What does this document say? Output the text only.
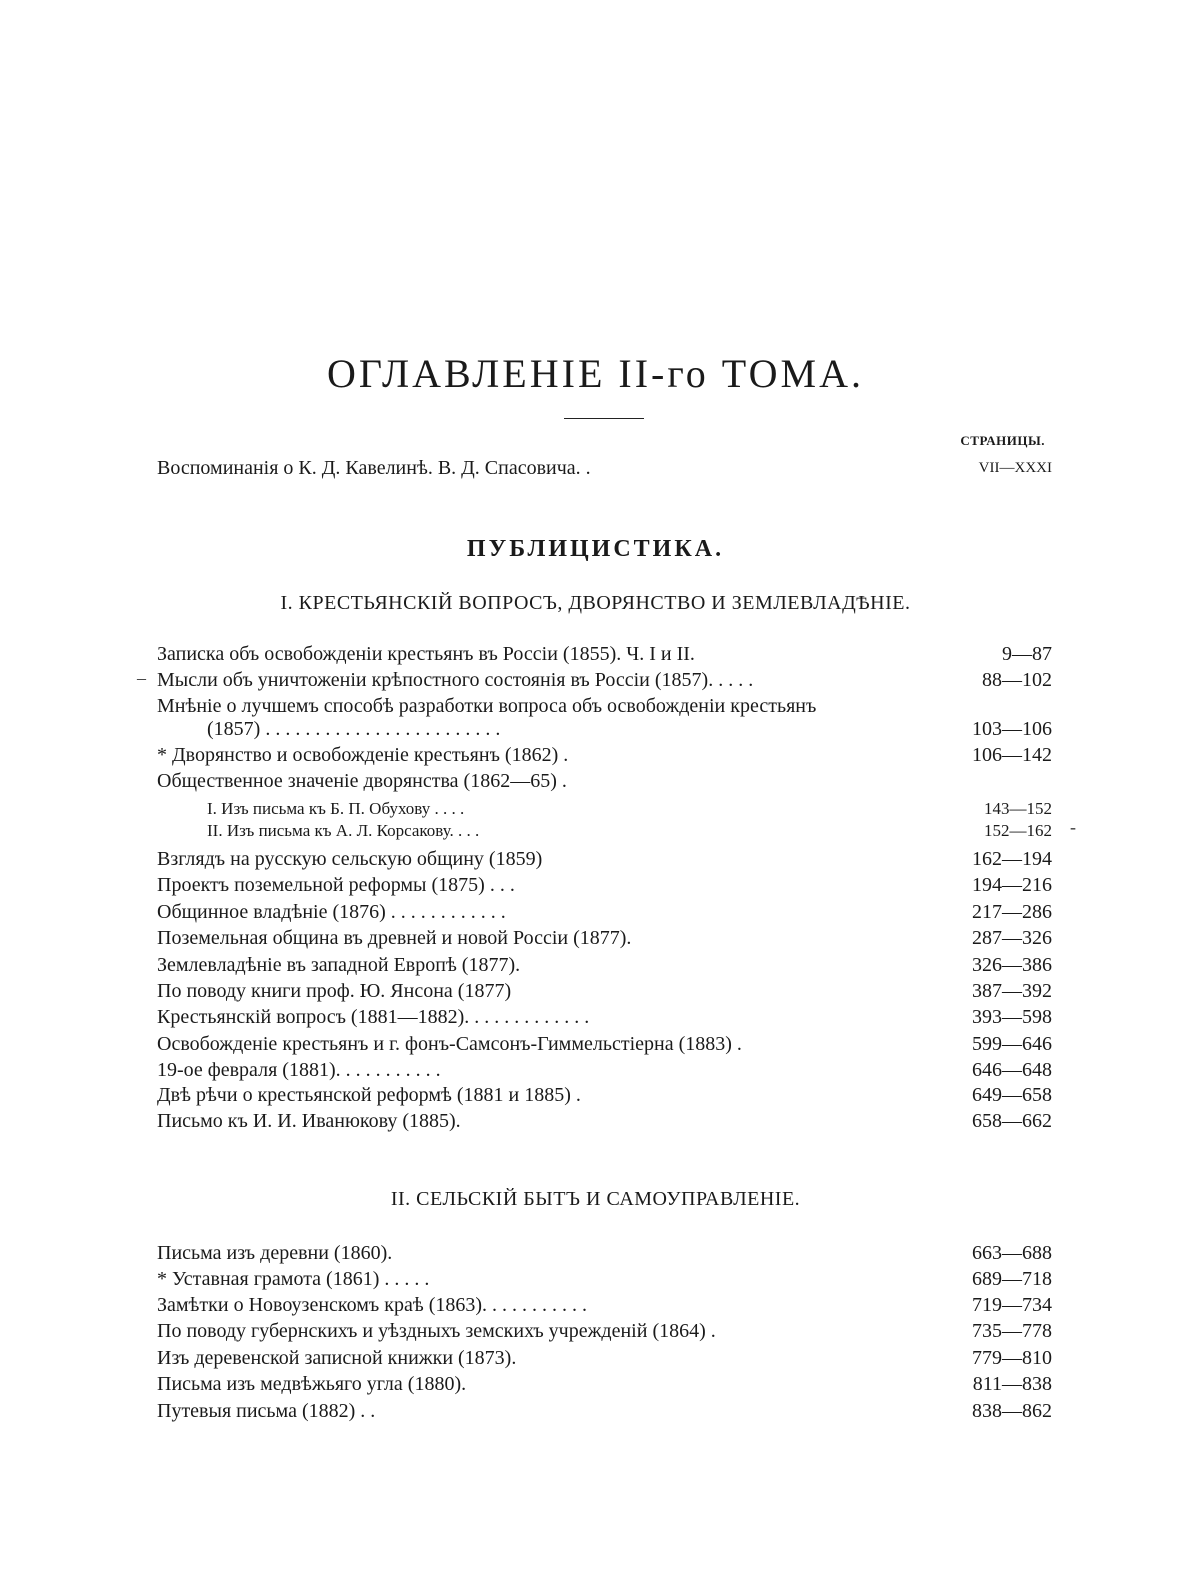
ОГЛАВЛЕНІЕ II-го ТОМА.
СТРАНИЦЫ.
Воспоминанія о К. Д. Кавелинѣ. В. Д. Спасовича. .	VII—XXXI
ПУБЛИЦИСТИКА.
I. КРЕСТЬЯНСКІЙ ВОПРОСЪ, ДВОРЯНСТВО И ЗЕМЛЕВЛАДѢНІЕ.
Записка объ освобожденіи крестьянъ въ Россіи (1855). Ч. I и II.	9—87
Мысли объ уничтоженіи крѣпостного состоянія въ Россіи (1857). . . . .	88—102
Мнѣніе о лучшемъ способѣ разработки вопроса объ освобожденіи крестьянъ
(1857) . . . . . . . . . . . . . . . . . . . . . . . .	103—106
* Дворянство и освобожденіе крестьянъ (1862) .	106—142
Общественное значеніе дворянства (1862—65) .
I. Изъ письма къ Б. П. Обухову . . . .	143—152
II. Изъ письма къ А. Л. Корсакову. . . .	152—162
Взглядъ на русскую сельскую общину (1859)	162—194
Проектъ поземельной реформы (1875) . . .	194—216
Общинное владѣніе (1876) . . . . . . . . . . . .	217—286
Поземельная община въ древней и новой Россіи (1877).	287—326
Землевладѣніе въ западной Европѣ (1877).	326—386
По поводу книги проф. Ю. Янсона (1877)	387—392
Крестьянскій вопросъ (1881—1882). . . . . . . . . . . . .	393—598
Освобожденіе крестьянъ и г. фонъ-Самсонъ-Гиммельстіерна (1883) .	599—646
19-ое февраля (1881). . . . . . . . . . .	646—648
Двѣ рѣчи о крестьянской реформѣ (1881 и 1885) .	649—658
Письмо къ И. И. Иванюкову (1885).	658—662
II. СЕЛЬСКІЙ БЫТЪ И САМОУПРАВЛЕНІЕ.
Письма изъ деревни (1860).	663—688
* Уставная грамота (1861) . . . . .	689—718
Замѣтки о Новоузенскомъ краѣ (1863). . . . . . . . . . .	719—734
По поводу губернскихъ и уѣздныхъ земскихъ учрежденій (1864) .	735—778
Изъ деревенской записной книжки (1873).	779—810
Письма изъ медвѣжьяго угла (1880).	811—838
Путевыя письма (1882) . .	838—862
–
-
